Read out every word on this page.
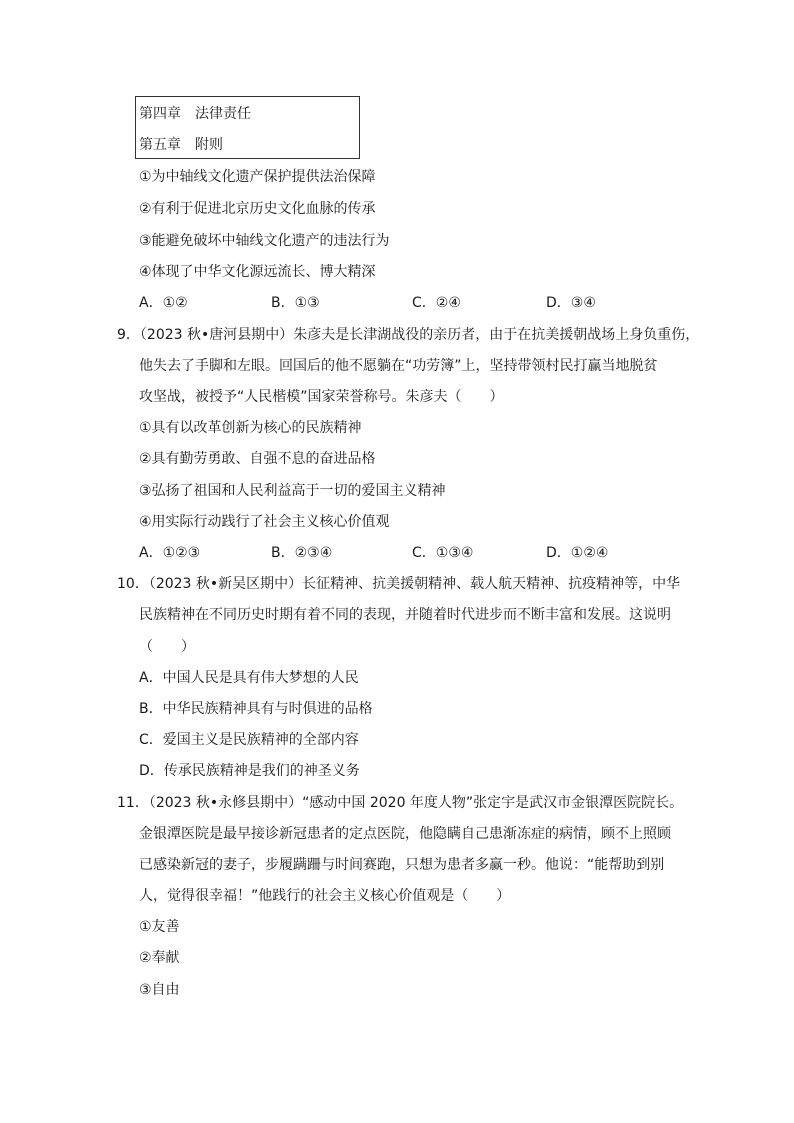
第四章　法律责任
第五章　附则
①为中轴线文化遗产保护提供法治保障
②有利于促进北京历史文化血脉的传承
③能避免破坏中轴线文化遗产的违法行为
④体现了中华文化源远流长、博大精深
A．①②	B．①③	C．②④	D．③④
9．（2023 秋•唐河县期中）朱彦夫是长津湖战役的亲历者，由于在抗美援朝战场上身负重伤，
他失去了手脚和左眼。回国后的他不愿躺在“功劳簿”上，坚持带领村民打赢当地脱贫
攻坚战，被授予“人民楷模”国家荣誉称号。朱彦夫（　　）
①具有以改革创新为核心的民族精神
②具有勤劳勇敢、自强不息的奋进品格
③弘扬了祖国和人民利益高于一切的爱国主义精神
④用实际行动践行了社会主义核心价值观
A．①②③	B．②③④	C．①③④	D．①②④
10．（2023 秋•新吴区期中）长征精神、抗美援朝精神、载人航天精神、抗疫精神等，中华
民族精神在不同历史时期有着不同的表现，并随着时代进步而不断丰富和发展。这说明
（　　）
A．中国人民是具有伟大梦想的人民
B．中华民族精神具有与时俱进的品格
C．爱国主义是民族精神的全部内容
D．传承民族精神是我们的神圣义务
11．（2023 秋•永修县期中）“感动中国 2020 年度人物”张定宇是武汉市金银潭医院院长。
金银潭医院是最早接诊新冠患者的定点医院，他隐瞒自己患渐冻症的病情，顾不上照顾
已感染新冠的妻子，步履蹒跚与时间赛跑，只想为患者多赢一秒。他说：“能帮助到别
人，觉得很幸福！”他践行的社会主义核心价值观是（　　）
①友善
②奉献
③自由
